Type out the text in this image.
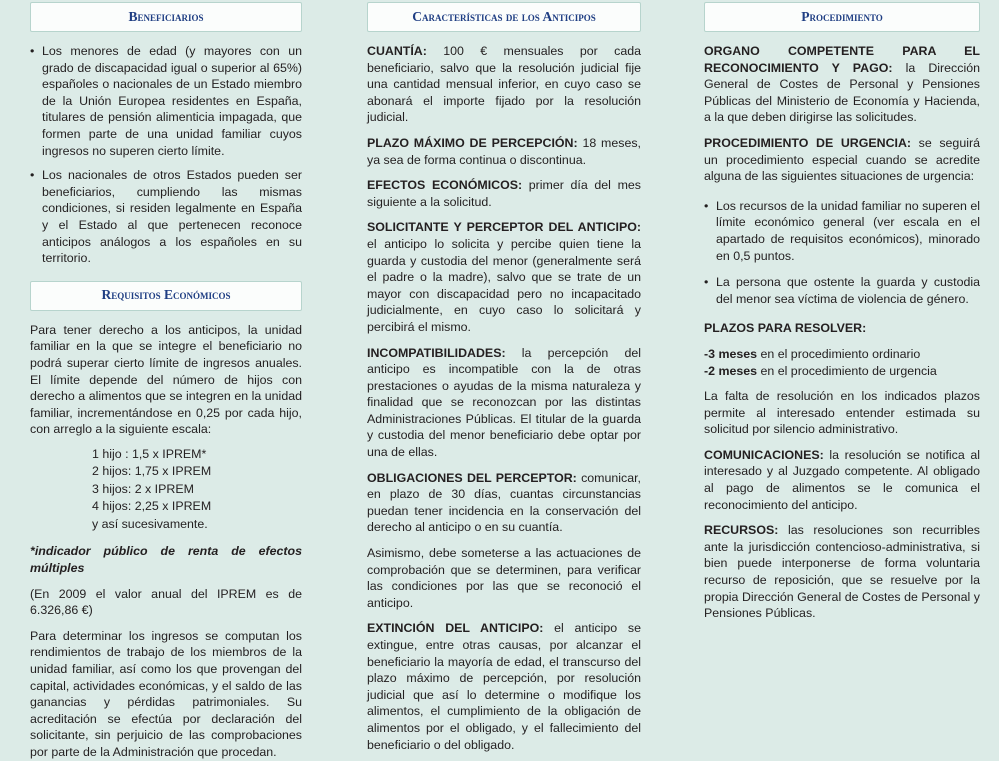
Beneficiarios
• Los menores de edad (y mayores con un grado de discapacidad igual o superior al 65%) españoles o nacionales de un Estado miembro de la Unión Europea residentes en España, titulares de pensión alimenticia impagada, que formen parte de una unidad familiar cuyos ingresos no superen cierto límite.
• Los nacionales de otros Estados pueden ser beneficiarios, cumpliendo las mismas condiciones, si residen legalmente en España y el Estado al que pertenecen reconoce anticipos análogos a los españoles en su territorio.
Requisitos Económicos

Para tener derecho a los anticipos, la unidad familiar en la que se integre el beneficiario no podrá superar cierto límite de ingresos anuales. El límite depende del número de hijos con derecho a alimentos que se integren en la unidad familiar, incrementándose en 0,25 por cada hijo, con arreglo a la siguiente escala:

1 hijo : 1,5 x IPREM*
2 hijos: 1,75 x IPREM
3 hijos: 2 x IPREM
4 hijos: 2,25 x IPREM
y así sucesivamente.

*indicador público de renta de efectos múltiples

(En 2009 el valor anual del IPREM es de 6.326,86 €)

Para determinar los ingresos se computan los rendimientos de trabajo de los miembros de la unidad familiar, así como los que provengan del capital, actividades económicas, y el saldo de las ganancias y pérdidas patrimoniales. Su acreditación se efectúa por declaración del solicitante, sin perjuicio de las comprobaciones por parte de la Administración que procedan.

Características de los Anticipos

CUANTÍA: 100 € mensuales por cada beneficiario, salvo que la resolución judicial fije una cantidad mensual inferior, en cuyo caso se abonará el importe fijado por la resolución judicial.

PLAZO MÁXIMO DE PERCEPCIÓN: 18 meses, ya sea de forma continua o discontinua.

EFECTOS ECONÓMICOS: primer día del mes siguiente a la solicitud.

SOLICITANTE Y PERCEPTOR DEL ANTICIPO: el anticipo lo solicita y percibe quien tiene la guarda y custodia del menor (generalmente será el padre o la madre), salvo que se trate de un mayor con discapacidad pero no incapacitado judicialmente, en cuyo caso lo solicitará y percibirá el mismo.

INCOMPATIBILIDADES: la percepción del anticipo es incompatible con la de otras prestaciones o ayudas de la misma naturaleza y finalidad que se reconozcan por las distintas Administraciones Públicas. El titular de la guarda y custodia del menor beneficiario debe optar por una de ellas.

OBLIGACIONES DEL PERCEPTOR: comunicar, en plazo de 30 días, cuantas circunstancias puedan tener incidencia en la conservación del derecho al anticipo o en su cuantía.

Asimismo, debe someterse a las actuaciones de comprobación que se determinen, para verificar las condiciones por las que se reconoció el anticipo.

EXTINCIÓN DEL ANTICIPO: el anticipo se extingue, entre otras causas, por alcanzar el beneficiario la mayoría de edad, el transcurso del plazo máximo de percepción, por resolución judicial que así lo determine o modifique los alimentos, el cumplimiento de la obligación de alimentos por el obligado, y el fallecimiento del beneficiario o del obligado.

Procedimiento

ORGANO COMPETENTE PARA EL RECONOCIMIENTO Y PAGO: la Dirección General de Costes de Personal y Pensiones Públicas del Ministerio de Economía y Hacienda, a la que deben dirigirse las solicitudes.

PROCEDIMIENTO DE URGENCIA: se seguirá un procedimiento especial cuando se acredite alguna de las siguientes situaciones de urgencia:

• Los recursos de la unidad familiar no superen el límite económico general (ver escala en el apartado de requisitos económicos), minorado en 0,5 puntos.
• La persona que ostente la guarda y custodia del menor sea víctima de violencia de género.

PLAZOS PARA RESOLVER:

-3 meses en el procedimiento ordinario
-2 meses en el procedimiento de urgencia

La falta de resolución en los indicados plazos permite al interesado entender estimada su solicitud por silencio administrativo.

COMUNICACIONES: la resolución se notifica al interesado y al Juzgado competente. Al obligado al pago de alimentos se le comunica el reconocimiento del anticipo.

RECURSOS: las resoluciones son recurribles ante la jurisdicción contencioso-administrativa, si bien puede interponerse de forma voluntaria recurso de reposición, que se resuelve por la propia Dirección General de Costes de Personal y Pensiones Públicas.
